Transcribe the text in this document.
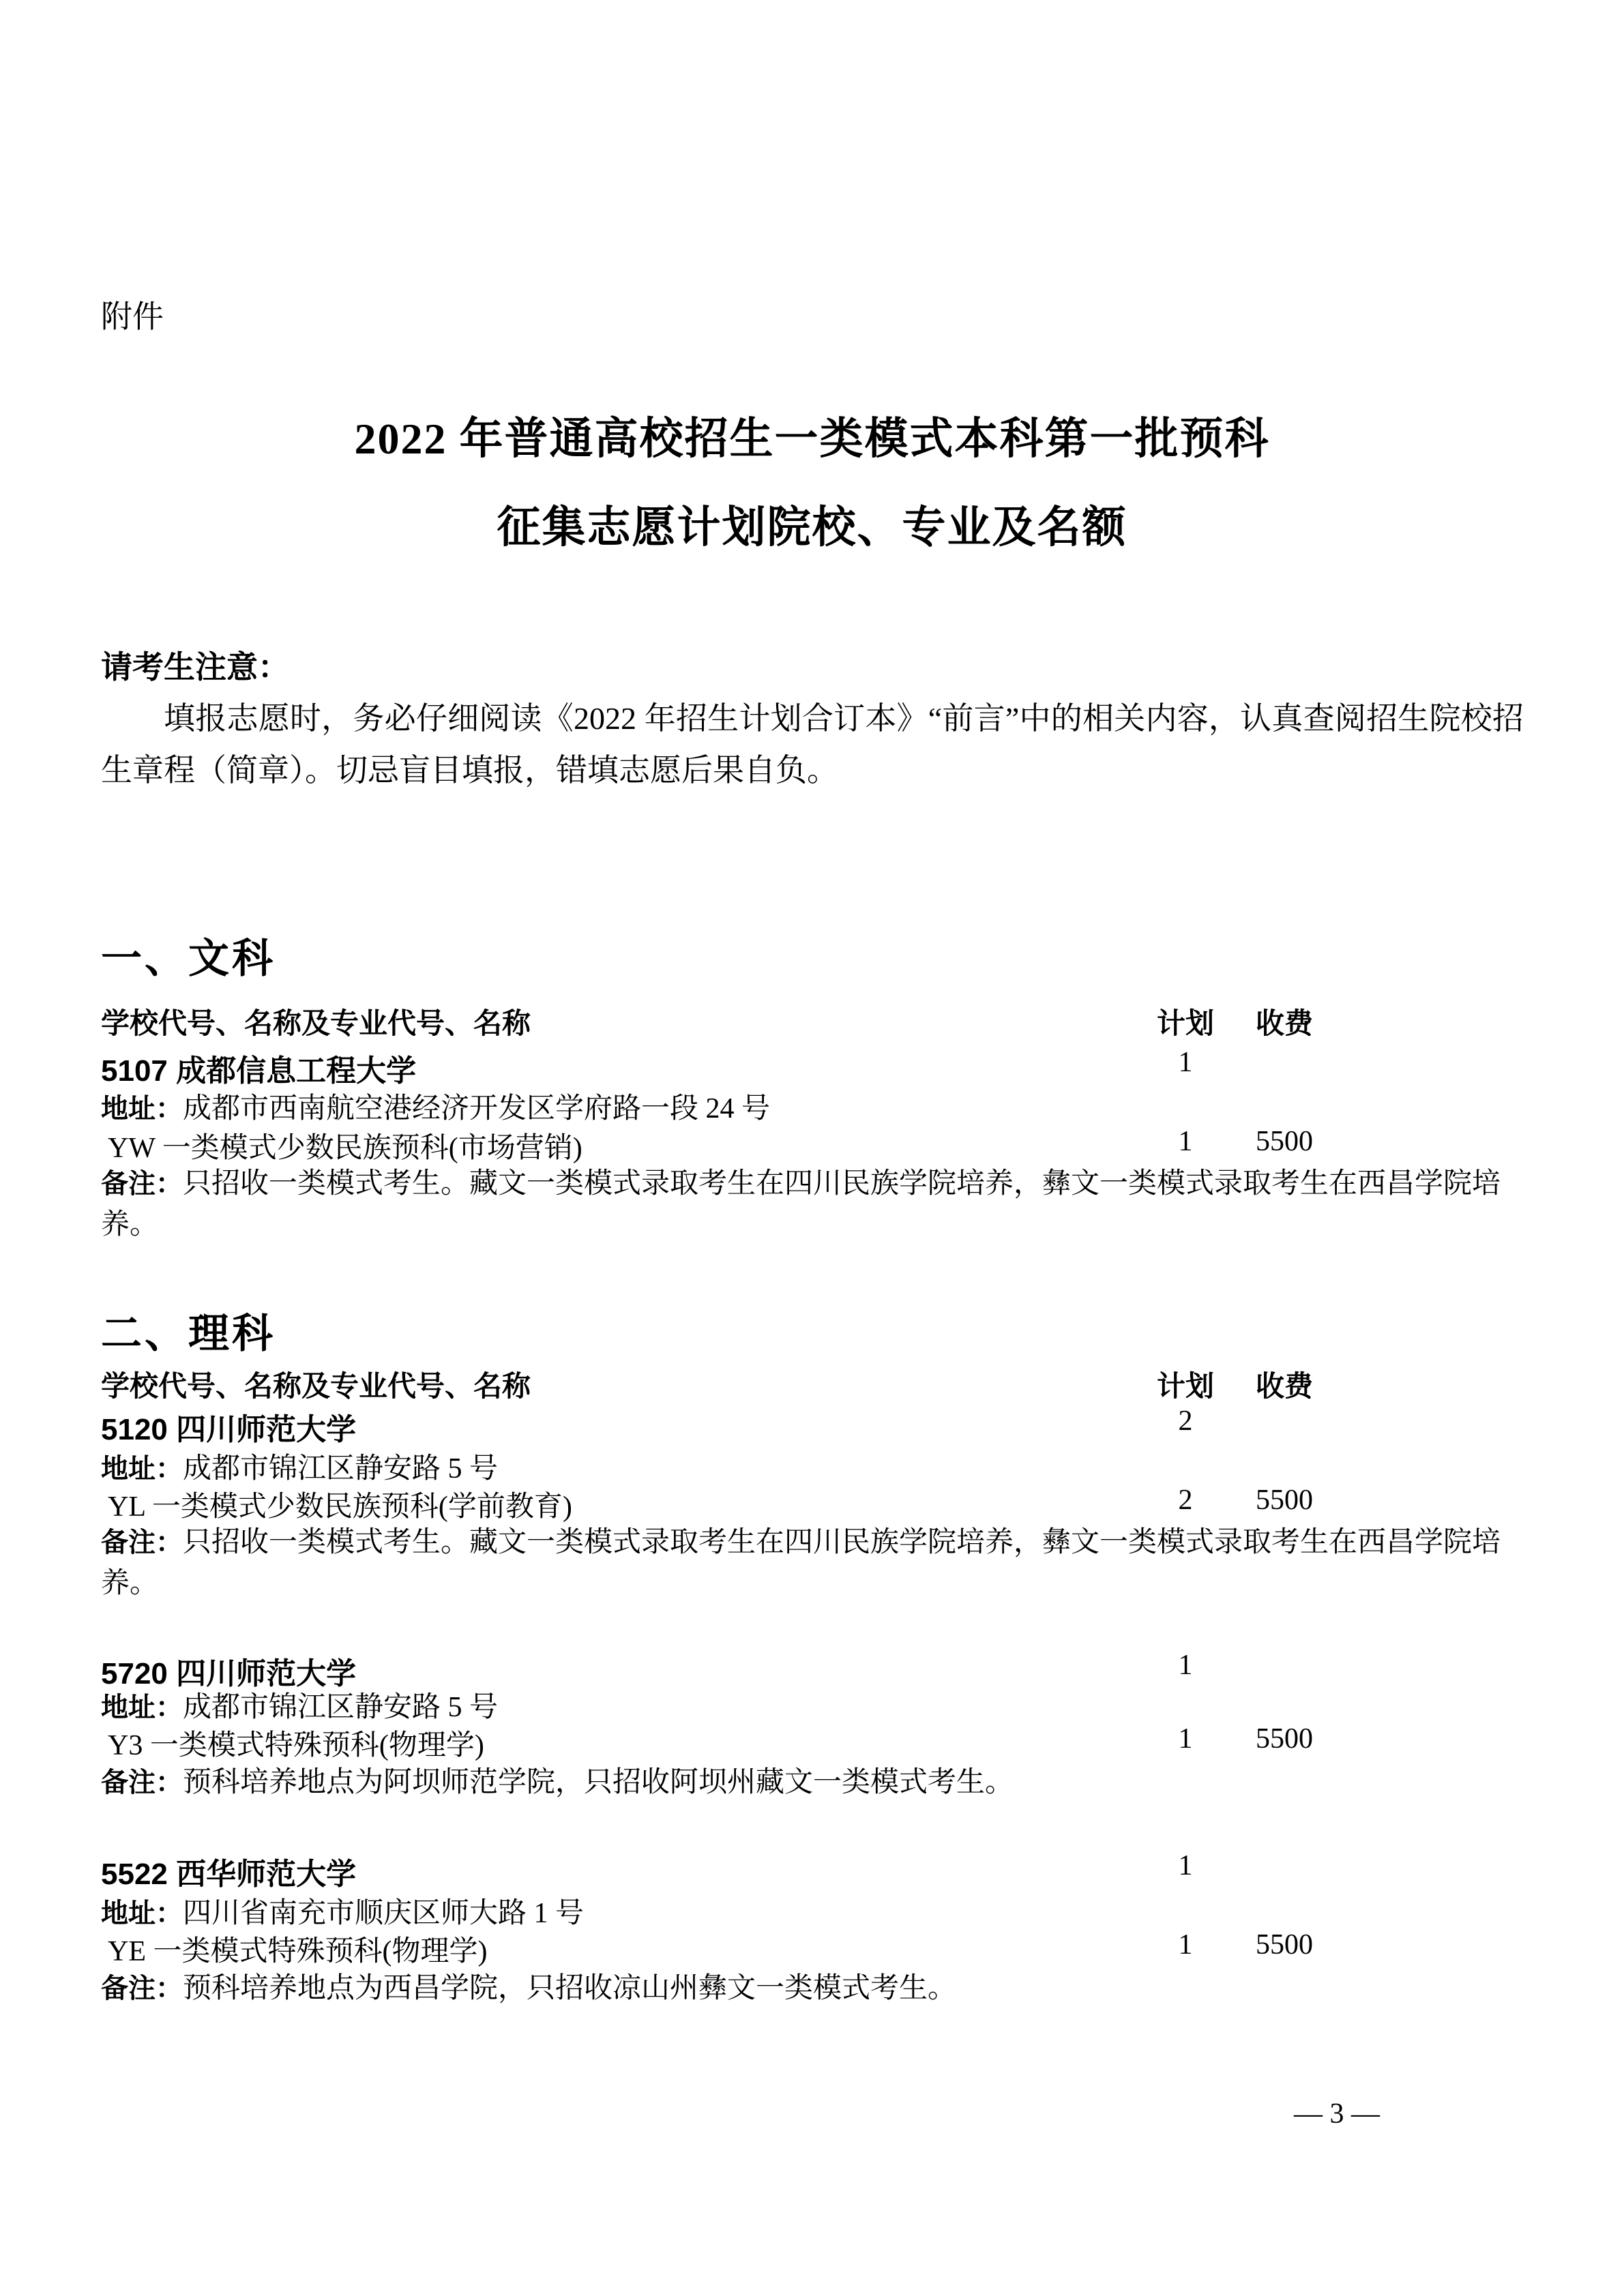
附件
2022 年普通高校招生一类模式本科第一批预科
征集志愿计划院校、专业及名额
请考生注意：
填报志愿时，务必仔细阅读《2022 年招生计划合订本》“前言”中的相关内容，认真查阅招生院校招生章程（简章）。切忌盲目填报，错填志愿后果自负。
一、文科
学校代号、名称及专业代号、名称	计划	收费
5107 成都信息工程大学	1
地址：成都市西南航空港经济开发区学府路一段 24 号
YW 一类模式少数民族预科(市场营销)	1	5500
备注：只招收一类模式考生。藏文一类模式录取考生在四川民族学院培养，彝文一类模式录取考生在西昌学院培养。
二、理科
学校代号、名称及专业代号、名称	计划	收费
5120 四川师范大学	2
地址：成都市锦江区静安路 5 号
YL 一类模式少数民族预科(学前教育)	2	5500
备注：只招收一类模式考生。藏文一类模式录取考生在四川民族学院培养，彝文一类模式录取考生在西昌学院培养。
5720 四川师范大学	1
地址：成都市锦江区静安路 5 号
Y3 一类模式特殊预科(物理学)	1	5500
备注：预科培养地点为阿坝师范学院，只招收阿坝州藏文一类模式考生。
5522 西华师范大学	1
地址：四川省南充市顺庆区师大路 1 号
YE 一类模式特殊预科(物理学)	1	5500
备注：预科培养地点为西昌学院，只招收凉山州彝文一类模式考生。
— 3 —
